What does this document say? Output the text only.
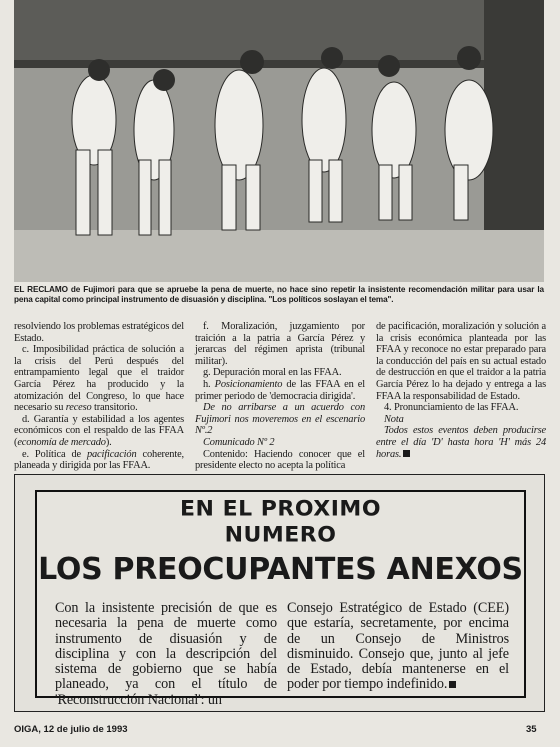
EL RECLAMO de Fujimori para que se apruebe la pena de muerte, no hace sino repetir la insistente recomendación militar para usar la pena capital como principal instrumento de disuasión y disciplina. "Los políticos soslayan el tema".

resolviendo los problemas estratégicos del Estado.

c. Imposibilidad práctica de solución a la crisis del Perú después del entrampamiento legal que el traidor García Pérez ha producido y la atomización del Congreso, lo que hace necesario su receso transitorio.

d. Garantía y estabilidad a los agentes económicos con el respaldo de las FFAA (economía de mercado).

e. Política de pacificación coherente, planeada y dirigida por las FFAA.

f. Moralización, juzgamiento por traición a la patria a García Pérez y jerarcas del régimen aprista (tribunal militar).

g. Depuración moral en las FFAA.

h. Posicionamiento de las FFAA en el primer periodo de 'democracia dirigida'.

De no arribarse a un acuerdo con Fujimori nos moveremos en el escenario Nº.2

Comunicado Nº 2

Contenido: Haciendo conocer que el presidente electo no acepta la política

de pacificación, moralización y solución a la crisis económica planteada por las FFAA y reconoce no estar preparado para la conducción del país en su actual estado de destrucción en que el traidor a la patria García Pérez lo ha dejado y entrega a las FFAA la responsabilidad de Estado.

4. Pronunciamiento de las FFAA.

Nota

Todos estos eventos deben producirse entre el día 'D' hasta hora 'H' más 24 horas.

EN EL PROXIMO
NUMERO
LOS PREOCUPANTES ANEXOS
Con la insistente precisión de que es necesaria la pena de muerte como instrumento de disuasión y de disciplina y con la descripción del sistema de gobierno que se había planeado, ya con el título de 'Reconstrucción Nacional': un
Consejo Estratégico de Estado (CEE) que estaría, secretamente, por encima de un Consejo de Ministros disminuido. Consejo que, junto al jefe de Estado, debía mantenerse en el poder por tiempo indefinido.
OIGA, 12 de julio de 1993	35
